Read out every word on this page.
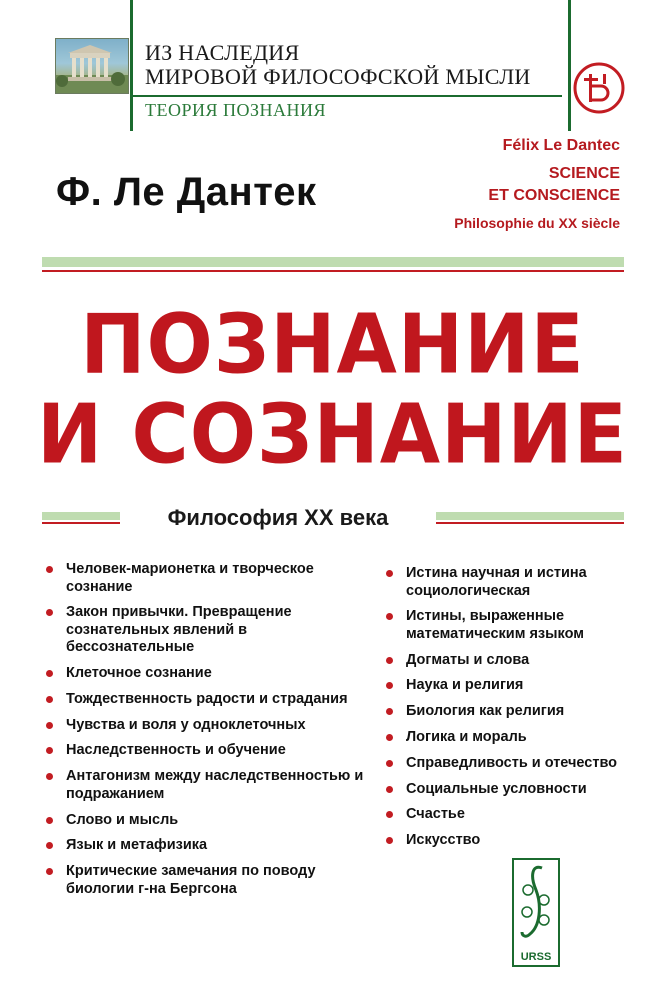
ИЗ НАСЛЕДИЯ
МИРОВОЙ ФИЛОСОФСКОЙ МЫСЛИ
ТЕОРИЯ ПОЗНАНИЯ
Ф. Ле Дантек
Félix Le Dantec
SCIENCE
ET CONSCIENCE
Philosophie du XX siècle
ПОЗНАНИЕ
И СОЗНАНИЕ
Философия XX века
Человек-марионетка и творческое сознание
Закон привычки. Превращение сознательных явлений в бессознательные
Клеточное сознание
Тождественность радости и страдания
Чувства и воля у одноклеточных
Наследственность и обучение
Антагонизм между наследственностью и подражанием
Слово и мысль
Язык и метафизика
Критические замечания по поводу биологии г-на Бергсона
Истина научная и истина социологическая
Истины, выраженные математическим языком
Догматы и слова
Наука и религия
Биология как религия
Логика и мораль
Справедливость и отечество
Социальные условности
Счастье
Искусство
URSS
